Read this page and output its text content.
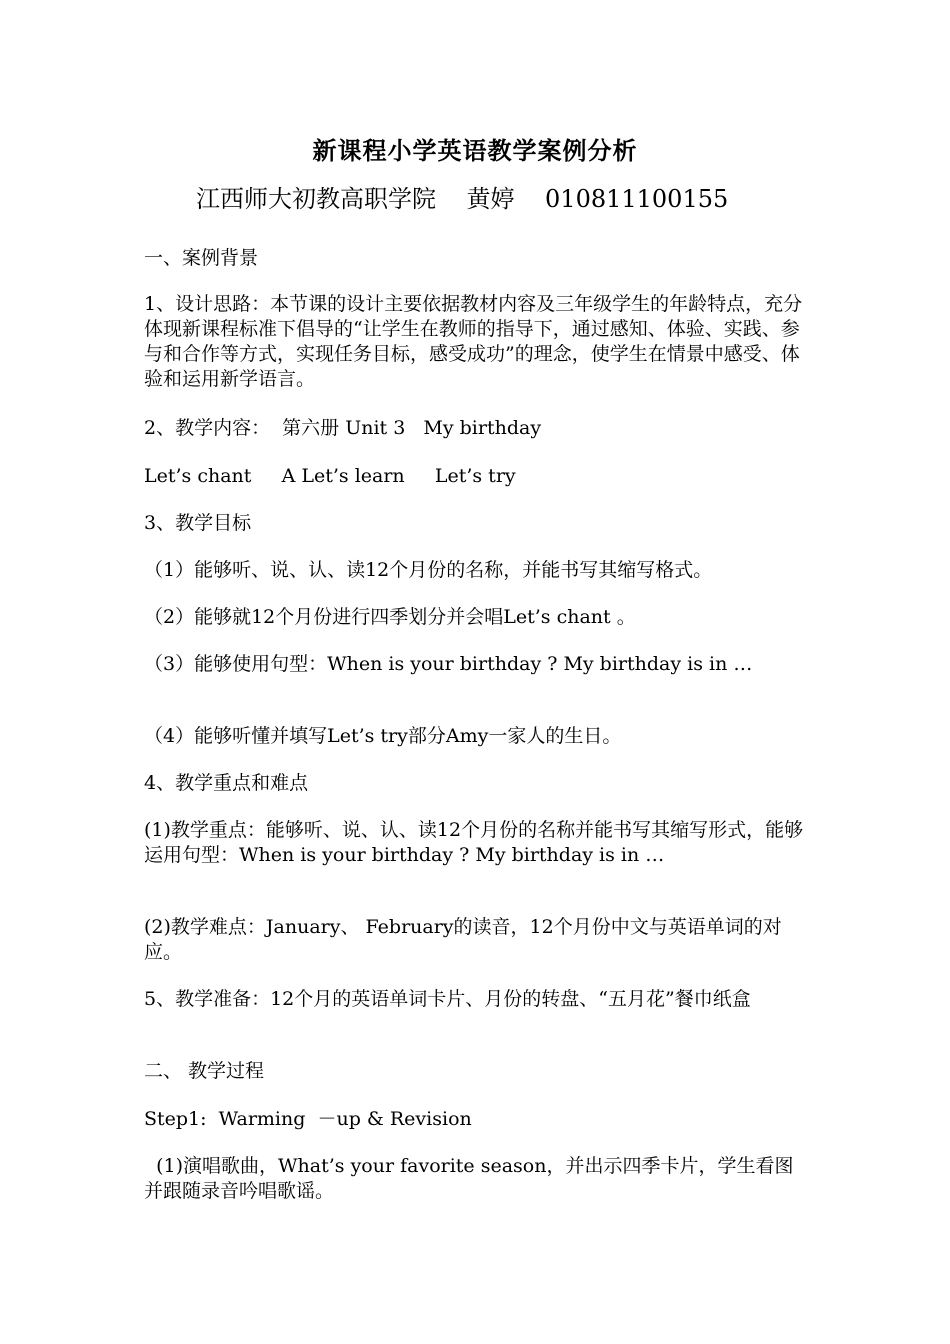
新课程小学英语教学案例分析
江西师大初教高职学院    黄婷    010811100155

一、案例背景

1、设计思路：本节课的设计主要依据教材内容及三年级学生的年龄特点，充分体现新课程标准下倡导的“让学生在教师的指导下，通过感知、体验、实践、参与和合作等方式，实现任务目标，感受成功”的理念，使学生在情景中感受、体验和运用新学语言。

2、教学内容：  第六册 Unit 3   My birthday

Let’s chant     A Let’s learn     Let’s try

3、教学目标

（1）能够听、说、认、读12个月份的名称，并能书写其缩写格式。

（2）能够就12个月份进行四季划分并会唱Let’s chant 。

（3）能够使用句型：When is your birthday ? My birthday is in …

（4）能够听懂并填写Let’s try部分Amy一家人的生日。

4、教学重点和难点

(1)教学重点：能够听、说、认、读12个月份的名称并能书写其缩写形式，能够运用句型：When is your birthday ? My birthday is in …

(2)教学难点：January、 February的读音，12个月份中文与英语单词的对应。

5、教学准备：12个月的英语单词卡片、月份的转盘、“五月花”餐巾纸盒

二、 教学过程

Step1:  Warming  －up & Revision

(1)演唱歌曲，What’s your favorite season，并出示四季卡片，学生看图并跟随录音吟唱歌谣。
